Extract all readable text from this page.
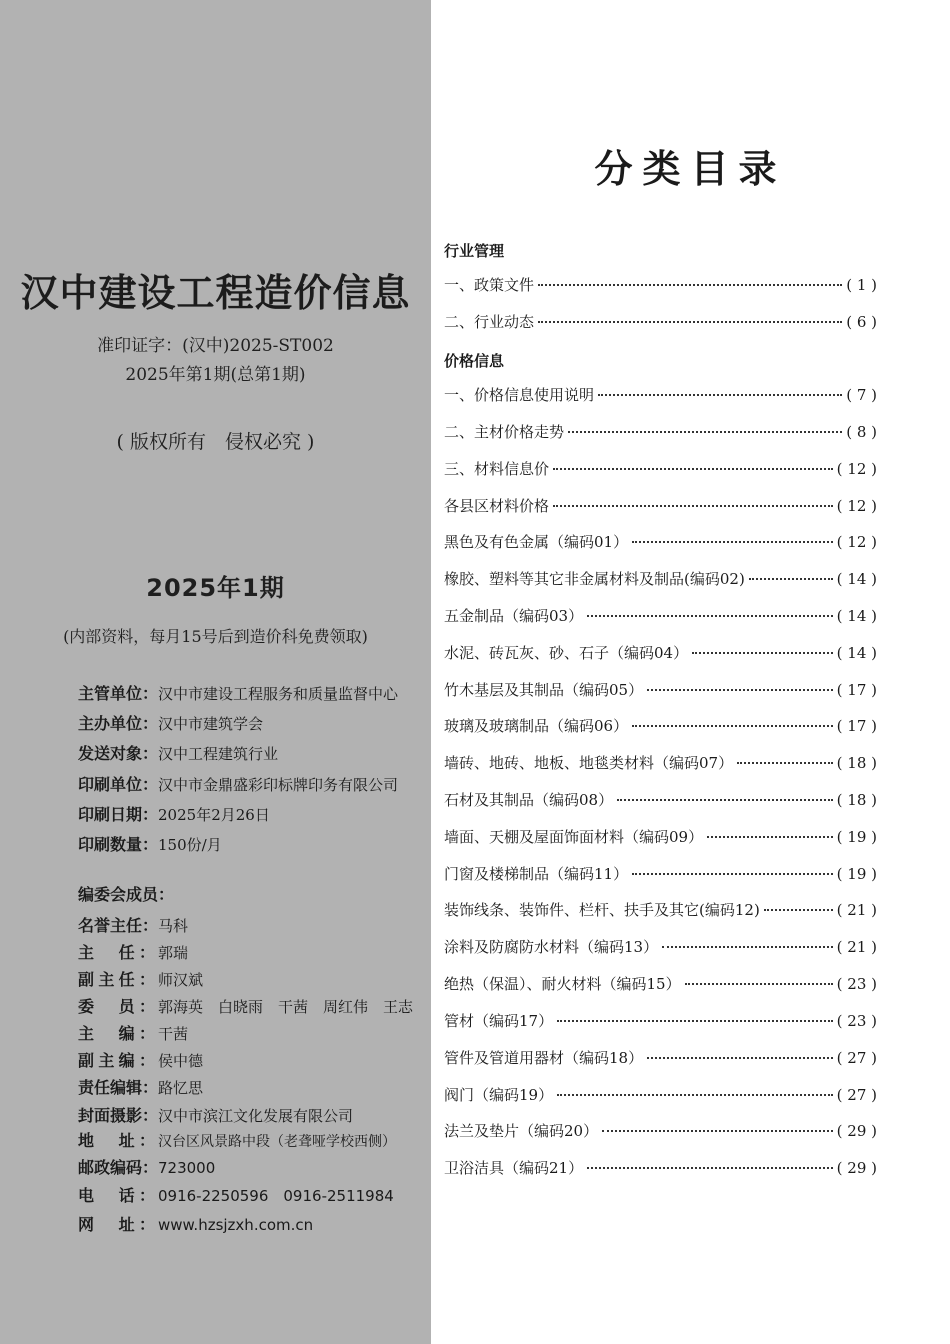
汉中建设工程造价信息
准印证字：(汉中)2025-ST002
2025年第1期(总第1期)
( 版权所有　侵权必究 )
2025年1期
(内部资料，每月15号后到造价科免费领取)
主管单位：汉中市建设工程服务和质量监督中心
主办单位：汉中市建筑学会
发送对象：汉中工程建筑行业
印刷单位：汉中市金鼎盛彩印标牌印务有限公司
印刷日期：2025年2月26日
印刷数量：150份/月
编委会成员：
名誉主任：马科
主　任： 郭瑞
副主任： 师汉斌
委　员： 郭海英　白晓雨　干茜　周红伟　王志
主　编： 干茜
副主编： 侯中德
责任编辑：路忆思
封面摄影：汉中市滨江文化发展有限公司
地　址： 汉台区风景路中段（老聋哑学校西侧）
邮政编码：723000
电　话： 0916-2250596　0916-2511984
网　址： www.hzsjzxh.com.cn
分类目录
行业管理
一、政策文件	( 1 )
二、行业动态	( 6 )
价格信息
一、价格信息使用说明	( 7 )
二、主材价格走势	( 8 )
三、材料信息价	( 12 )
各县区材料价格	( 12 )
黑色及有色金属（编码01）	( 12 )
橡胶、塑料等其它非金属材料及制品(编码02)	( 14 )
五金制品（编码03）	( 14 )
水泥、砖瓦灰、砂、石子（编码04）	( 14 )
竹木基层及其制品（编码05）	( 17 )
玻璃及玻璃制品（编码06）	( 17 )
墙砖、地砖、地板、地毯类材料（编码07）	( 18 )
石材及其制品（编码08）	( 18 )
墙面、天棚及屋面饰面材料（编码09）	( 19 )
门窗及楼梯制品（编码11）	( 19 )
装饰线条、装饰件、栏杆、扶手及其它(编码12)	( 21 )
涂料及防腐防水材料（编码13）	( 21 )
绝热（保温）、耐火材料（编码15）	( 23 )
管材（编码17）	( 23 )
管件及管道用器材（编码18）	( 27 )
阀门（编码19）	( 27 )
法兰及垫片（编码20）	( 29 )
卫浴洁具（编码21）	( 29 )
